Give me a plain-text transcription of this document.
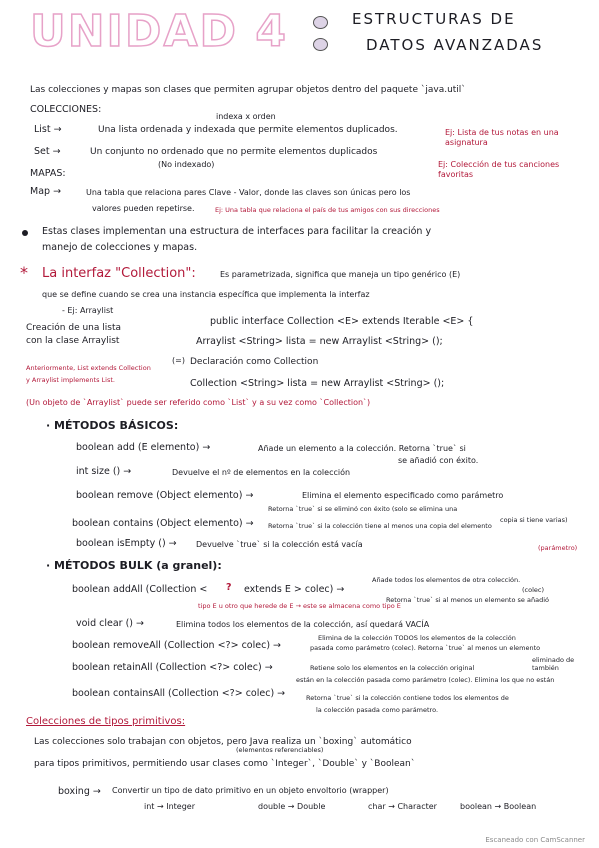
UNIDAD 4	ESTRUCTURAS DE
DATOS AVANZADAS
Las colecciones y mapas son clases que permiten agrupar objetos dentro del paquete `java.util`
COLECCIONES:
indexa x orden
List →	Una lista ordenada y indexada que permite elementos duplicados.	Ej: Lista de tus notas en una asignatura
Set →	Un conjunto no ordenado que no permite elementos duplicados
(No indexado)	Ej: Colección de tus canciones favoritas
MAPAS:
Map →	Una tabla que relaciona pares Clave - Valor, donde las claves son únicas pero los
valores pueden repetirse.	Ej: Una tabla que relaciona el país de tus amigos con sus direcciones
Estas clases implementan una estructura de interfaces para facilitar la creación y
manejo de colecciones y mapas.
* La interfaz "Collection":	Es parametrizada, significa que maneja un tipo genérico (E)
que se define cuando se crea una instancia específica que implementa la interfaz
- Ej: Arraylist
Creación de una lista
con la clase Arraylist
public interface Collection <E> extends Iterable <E> {
Arraylist <String> lista = new Arraylist <String> ();
(=) Declaración como Collection
Collection <String> lista = new Arraylist <String> ();
Anteriormente, List extends Collection
y Arraylist implements List.
(Un objeto de `Arraylist` puede ser referido como `List` y a su vez como `Collection`)
· MÉTODOS BÁSICOS:
boolean add (E elemento) →	Añade un elemento a la colección. Retorna `true` si
se añadió con éxito.
int size () →	Devuelve el nº de elementos en la colección
boolean remove (Object elemento) →	Elimina el elemento especificado como parámetro
Retorna `true` si se eliminó con éxito (solo se elimina una
copia si tiene varias)
boolean contains (Object elemento) → Retorna `true` si la colección tiene al menos una copia del elemento
(parámetro)
boolean isEmpty () → Devuelve `true` si la colección está vacía
· MÉTODOS BULK (a granel):
boolean addAll (Collection < ? extends E > colec) →
Añade todos los elementos de otra colección.
(colec)
Retorna `true` si al menos un elemento se añadió
tipo E u otro que herede de E → este se almacena como tipo E
void clear () →	Elimina todos los elementos de la colección, así quedará VACÍA
boolean removeAll (Collection <?> colec) →
Elimina de la colección TODOS los elementos de la colección
pasada como parámetro (colec). Retorna `true` al menos un elemento
boolean retainAll (Collection <?> colec) →	Retiene solo los elementos en la colección original
eliminado de también
están en la colección pasada como parámetro (colec). Elimina los que no están
boolean containsAll (Collection <?> colec) →	Retorna `true` si la colección contiene todos los elementos de
la colección pasada como parámetro.
Colecciones de tipos primitivos:
Las colecciones solo trabajan con objetos, pero Java realiza un `boxing` automático
(elementos referenciables)
para tipos primitivos, permitiendo usar clases como `Integer`, `Double` y `Boolean`
boxing → Convertir un tipo de dato primitivo en un objeto envoltorio (wrapper)
int → Integer	double → Double	char → Character	boolean → Boolean
Escaneado con CamScanner
